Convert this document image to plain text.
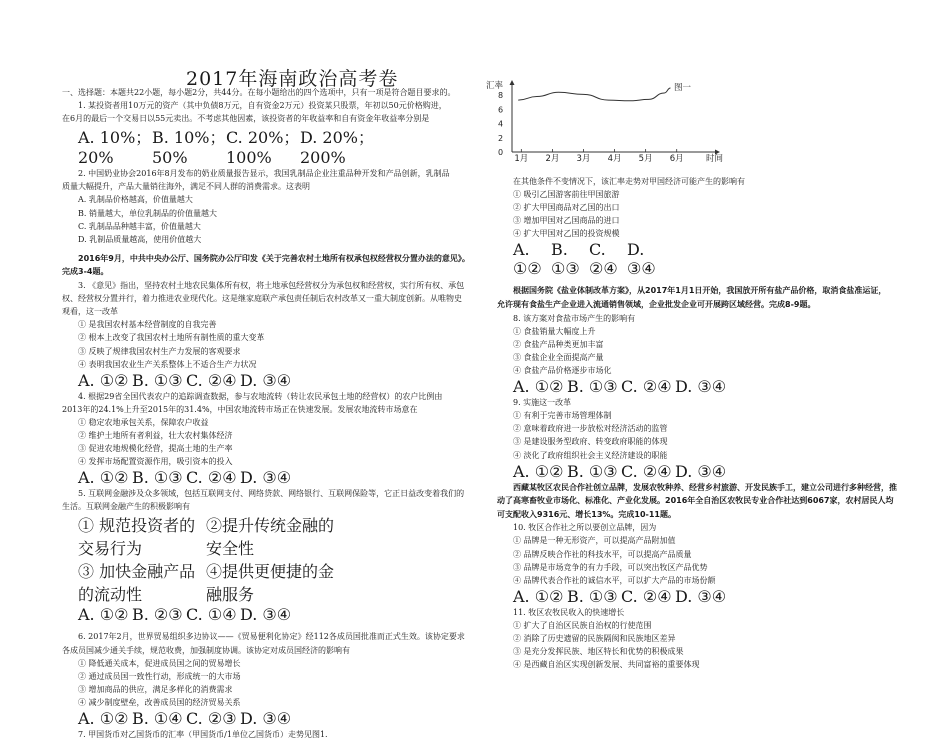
2017年海南政治高考卷
一、选择题：本题共22小题，每小题2分，共44分。在每小题给出的四个选项中，只有一项是符合题目要求的。
1. 某投资者用10万元的资产（其中负债8万元，自有资金2万元）投资某只股票，年初以50元价格购进，
在6月的最后一个交易日以55元卖出。不考虑其他因素，该投资者的年收益率和自有资金年收益率分别是
A. 10%；20%
B. 10%；50%
C. 20%；100%
D. 20%；200%
2. 中国奶业协会2016年8月发布的奶业质量报告显示，我国乳制品企业注重品种开发和产品创新，乳制品
质量大幅提升，产品大量销往海外，满足不同人群的消费需求。这表明
A. 乳制品价格越高，价值量越大
B. 销量越大，单位乳制品的价值量越大
C. 乳制品品种越丰富，价值量越大
D. 乳制品质量越高，使用价值越大
2016年9月，中共中央办公厅、国务院办公厅印发《关于完善农村土地所有权承包权经营权分置办法的意见》。
完成3-4题。
3. 《意见》指出，坚持农村土地农民集体所有权，将土地承包经营权分为承包权和经营权，实行所有权、承包
权、经营权分置并行，着力推进农业现代化。这是继家庭联产承包责任制后农村改革又一重大制度创新。从唯物史
观看，这一改革
① 是我国农村基本经营制度的自我完善
② 根本上改变了我国农村土地所有制性质的重大变革
③ 反映了规律我国农村生产力发展的客观要求
④ 表明我国农业生产关系整体上不适合生产力状况
A. ①② B. ①③ C. ②④ D. ③④
4. 根据29省全国代表农户的追踪调查数据，参与农地流转（转让农民承包土地的经营权）的农户比例由
2013年的24.1%上升至2015年的31.4%，中国农地流转市场正在快速发展。发展农地流转市场意在
① 稳定农地承包关系，保障农户收益
② 维护土地所有者利益，壮大农村集体经济
③ 促进农地规模化经营，提高土地的生产率
④ 发挥市场配置资源作用，吸引资本的投入
A. ①② B. ①③ C. ②④ D. ③④
5. 互联网金融涉及众多领域，包括互联网支付、网络贷款、网络银行、互联网保险等，它正日益改变着我们的
生活。互联网金融产生的积极影响有
① 规范投资者的交易行为
②提升传统金融的安全性
③ 加快金融产品的流动性
④提供更便捷的金融服务
A. ①② B. ②③ C. ①④ D. ③④
6. 2017年2月，世界贸易组织多边协议——《贸易便利化协定》经112各成员国批准而正式生效。该协定要求
各成员国减少通关手续，规范收费，加强制度协调。该协定对成员国经济的影响有
① 降低通关成本，促进成员国之间的贸易增长
② 通过成员国一致性行动，形成统一的大市场
③ 增加商品的供应，满足多样化的消费需求
④ 减少制度壁垒，改善成员国的经济贸易关系
A. ①② B. ①④ C. ②③ D. ③④
7. 甲国货币对乙国货币的汇率（甲国货币/1单位乙国货币）走势见图1.
汇率
时间
图一
0
2
4
6
8
1月 2月 3月 4月 5月 6月
在其他条件不变情况下，该汇率走势对甲国经济可能产生的影响有
① 吸引乙国游客前往甲国旅游
② 扩大甲国商品对乙国的出口
③ 增加甲国对乙国商品的进口
④ 扩大甲国对乙国的投资规模
A. ①②
B. ①③
C. ②④
D. ③④
根据国务院《盐业体制改革方案》，从2017年1月1日开始，我国放开所有盐产品价格，取消食盐准运证，
允许现有食盐生产企业进入流通销售领域，企业批发企业可开展跨区域经营。完成8-9题。
8. 该方案对食盐市场产生的影响有
① 食盐销量大幅度上升
② 食盐产品种类更加丰富
③ 食盐企业全面提高产量
④ 食盐产品价格逐步市场化
A. ①② B. ①③ C. ②④ D. ③④
9. 实施这一改革
① 有利于完善市场管理体制
② 意味着政府进一步放松对经济活动的监管
③ 是建设服务型政府、转变政府职能的体现
④ 淡化了政府组织社会主义经济建设的职能
A. ①② B. ①③ C. ②④ D. ③④
西藏某牧区农民合作社创立品牌，发展农牧种养、经营乡村旅游、开发民族手工，建立公司进行多种经营，推
动了高寒畜牧业市场化、标准化、产业化发展。2016年全自治区农牧民专业合作社达到6067家，农村居民人均
可支配收入9316元、增长13%。完成10-11题。
10. 牧区合作社之所以要创立品牌，因为
① 品牌是一种无形资产，可以提高产品附加值
② 品牌反映合作社的科技水平，可以提高产品质量
③ 品牌是市场竞争的有力手段，可以突出牧区产品优势
④ 品牌代表合作社的诚信水平，可以扩大产品的市场份额
A. ①② B. ①③ C. ②④ D. ③④
11. 牧区农牧民收入的快速增长
① 扩大了自治区民族自治权的行使范围
② 消除了历史遗留的民族隔阂和民族地区差异
③ 是充分发挥民族、地区特长和优势的积极成果
④ 是西藏自治区实现创新发展、共同富裕的重要体现
